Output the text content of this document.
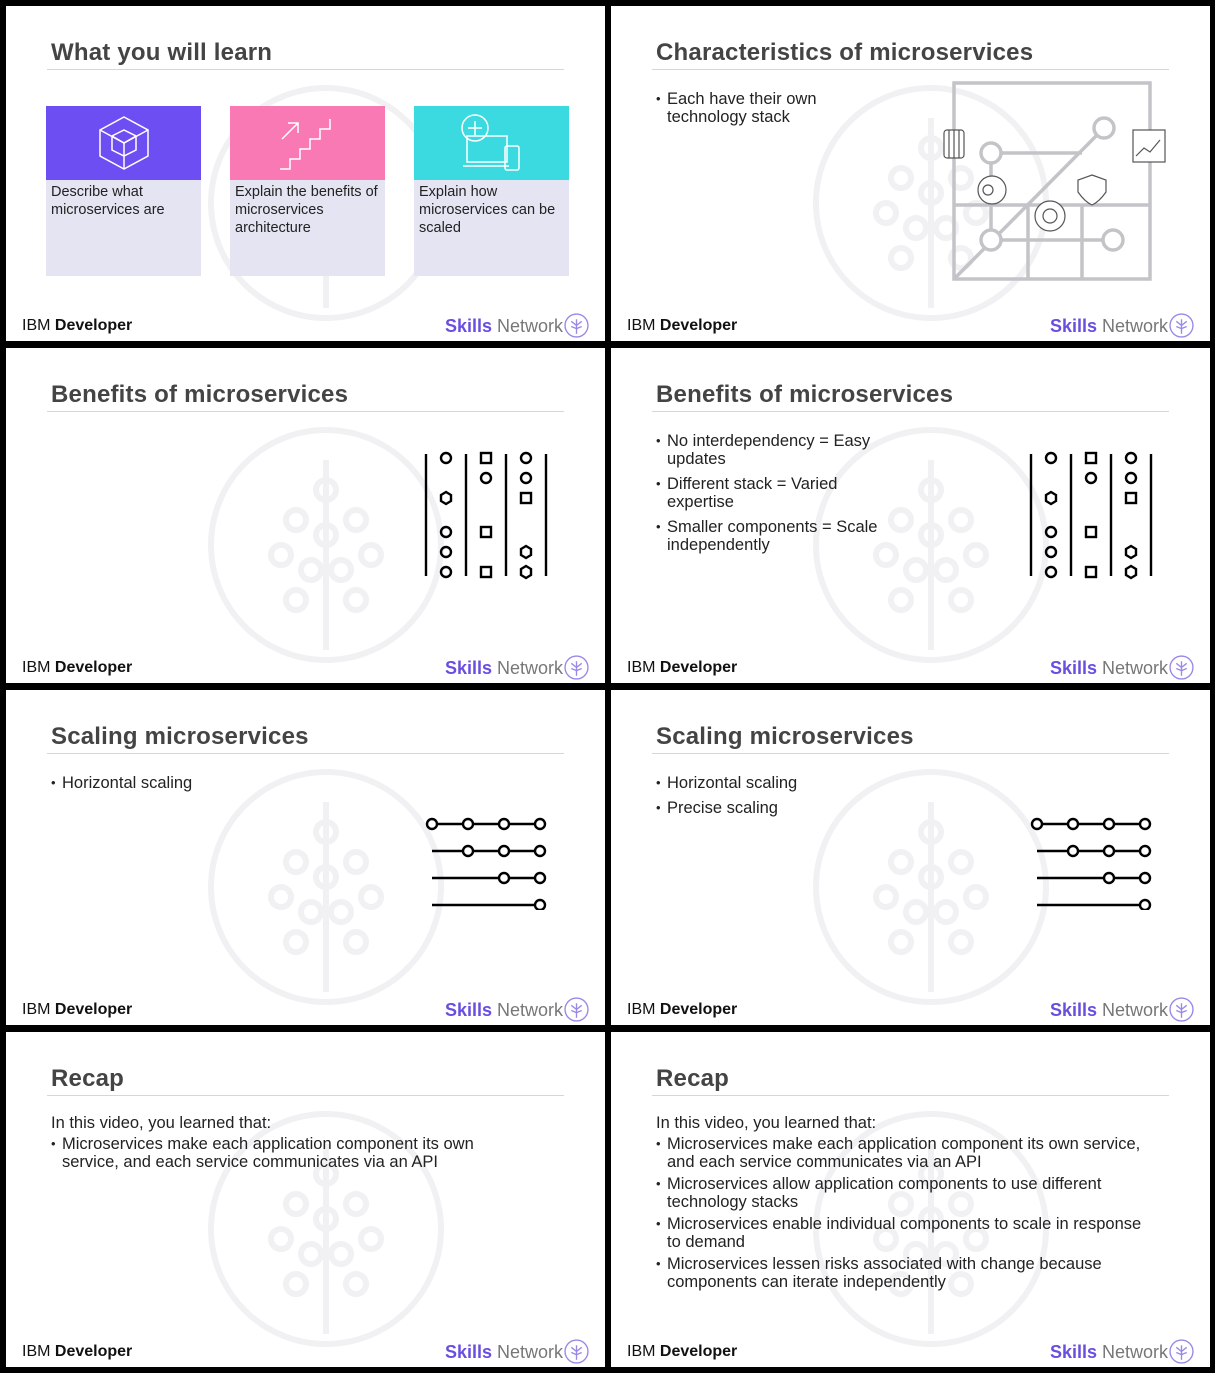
What you will learn
Describe what microservices are
Explain the benefits of microservices architecture
Explain how microservices can be scaled
IBM Developer	Skills Network
Characteristics of microservices
• Each have their own technology stack
IBM Developer	Skills Network
Benefits of microservices
IBM Developer	Skills Network
Benefits of microservices
• No interdependency = Easy updates
• Different stack = Varied expertise
• Smaller components = Scale independently
IBM Developer	Skills Network
Scaling microservices
• Horizontal scaling
IBM Developer	Skills Network
Scaling microservices
• Horizontal scaling
• Precise scaling
IBM Developer	Skills Network
Recap
In this video, you learned that:
• Microservices make each application component its own service, and each service communicates via an API
IBM Developer	Skills Network
Recap
In this video, you learned that:
• Microservices make each application component its own service, and each service communicates via an API
• Microservices allow application components to use different technology stacks
• Microservices enable individual components to scale in response to demand
• Microservices lessen risks associated with change because components can iterate independently
IBM Developer	Skills Network
